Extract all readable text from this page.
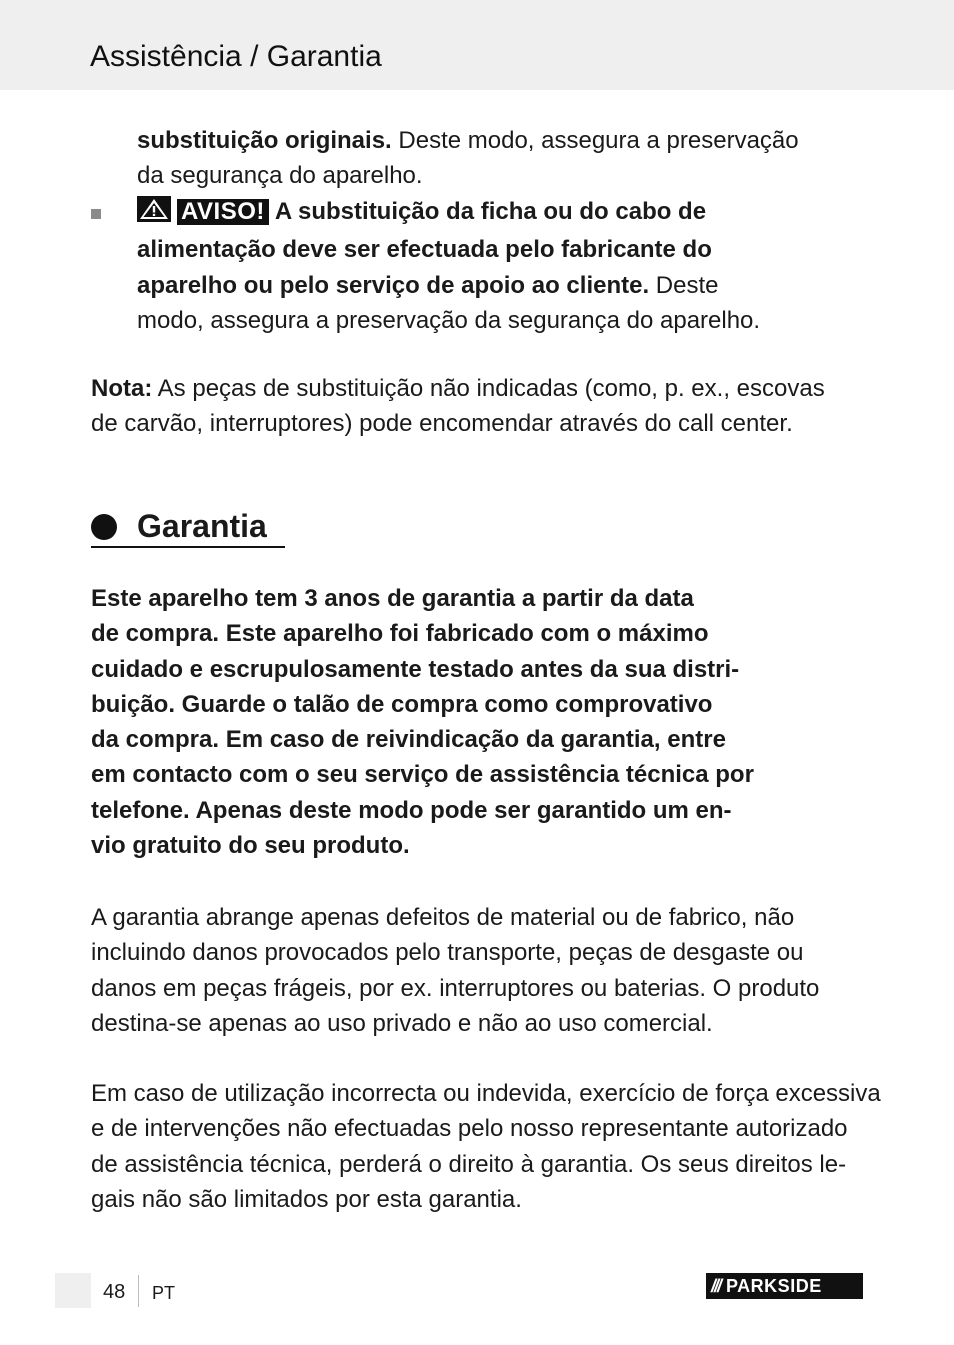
Assistência / Garantia
substituição originais. Deste modo, assegura a preservação
da segurança do aparelho.
AVISO! A substituição da ficha ou do cabo de
alimentação deve ser efectuada pelo fabricante do
aparelho ou pelo serviço de apoio ao cliente. Deste
modo, assegura a preservação da segurança do aparelho.
Nota: As peças de substituição não indicadas (como, p. ex., escovas
de carvão, interruptores) pode encomendar através do call center.
Garantia
Este aparelho tem 3 anos de garantia a partir da data
de compra. Este aparelho foi fabricado com o máximo
cuidado e escrupulosamente testado antes da sua distri-
buição. Guarde o talão de compra como comprovativo
da compra. Em caso de reivindicação da garantia, entre
em contacto com o seu serviço de assistência técnica por
telefone. Apenas deste modo pode ser garantido um en-
vio gratuito do seu produto.
A garantia abrange apenas defeitos de material ou de fabrico, não
incluindo danos provocados pelo transporte, peças de desgaste ou
danos em peças frágeis, por ex. interruptores ou baterias. O produto
destina-se apenas ao uso privado e não ao uso comercial.
Em caso de utilização incorrecta ou indevida, exercício de força excessiva
e de intervenções não efectuadas pelo nosso representante autorizado
de assistência técnica, perderá o direito à garantia. Os seus direitos le-
gais não são limitados por esta garantia.
48 PT	/// PARKSIDE
